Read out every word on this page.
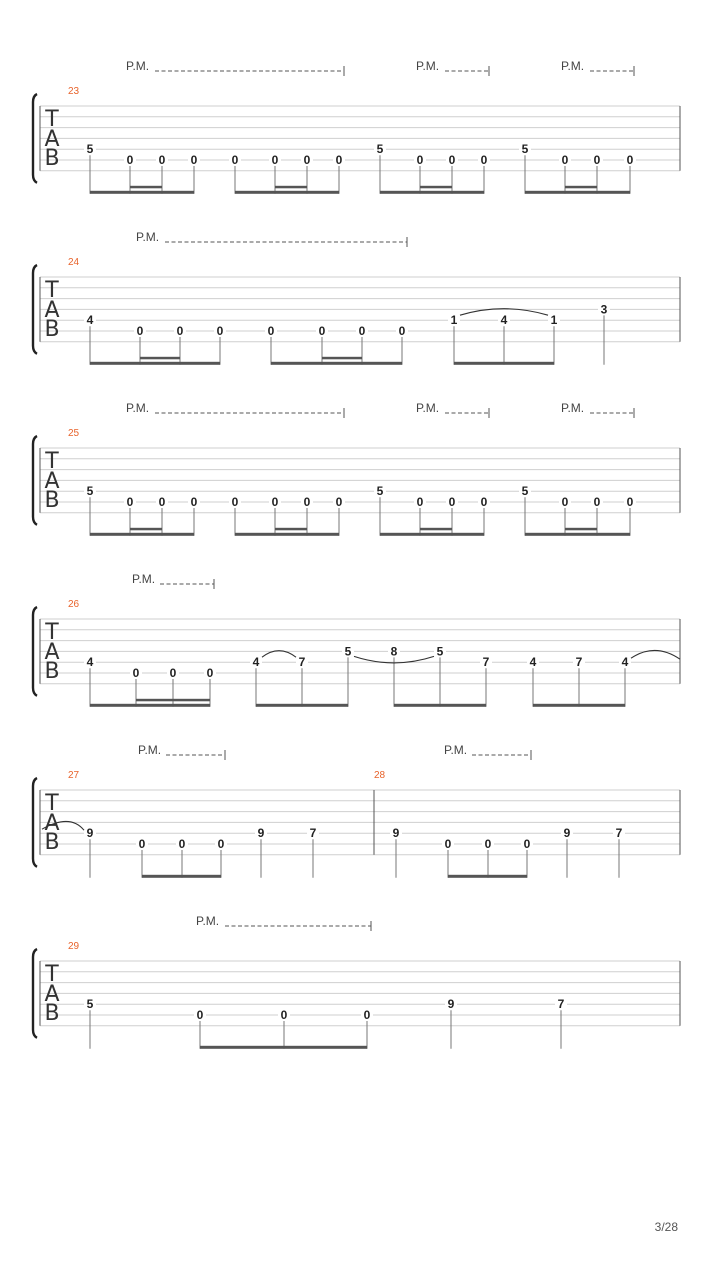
T
A
B
23
P.M.	P.M.	P.M.
5
0 0 0	0	0 0 0
5
0 0 0
5
0 0 0
T
A
B
24
P.M.
4
0	0	0	0	0	0	0
1	4	1
3
T
A
B
25
P.M.	P.M.	P.M.
5
0 0 0	0	0 0 0
5
0 0 0
5
0 0 0
T
A
B
26
P.M.
4
0	0	0
4	7
5	8	5
7	4	7	4
T
A
B
27	28
P.M.	P.M.
9
0	0	0
9	7	9
0	0	0
9	7
T
A
B
29
P.M.
5
0	0	0
9	7
3/28
